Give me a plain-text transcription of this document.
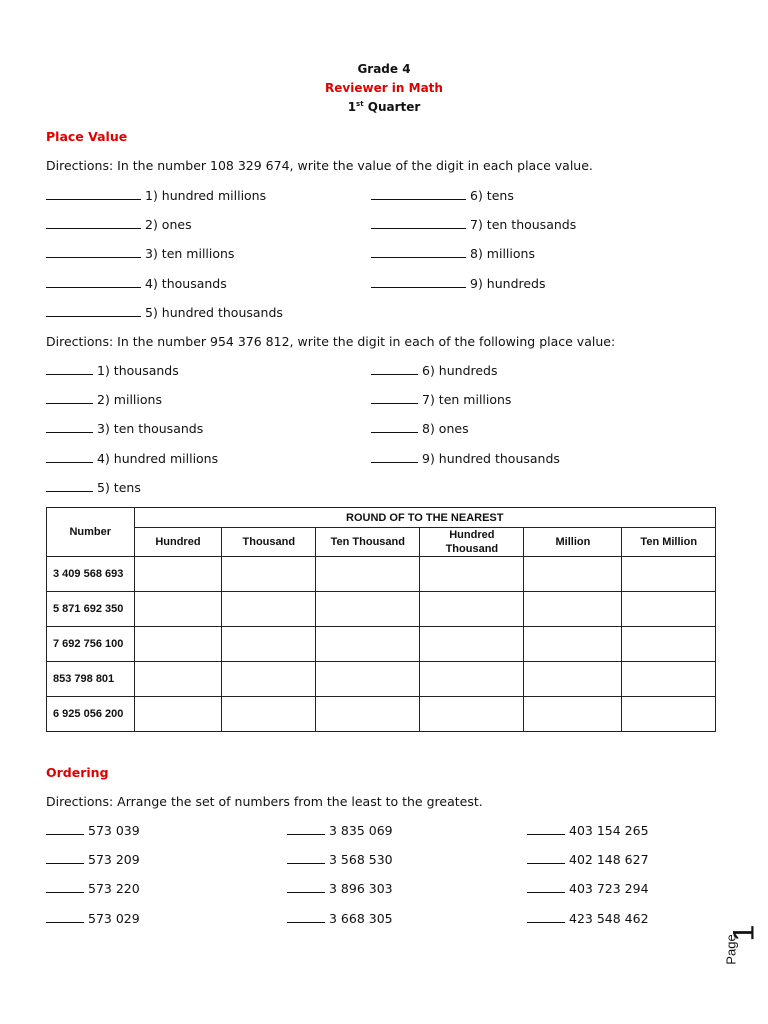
Grade 4
Reviewer in Math
1st Quarter
Place Value
Directions: In the number 108 329 674, write the value of the digit in each place value.
1) hundred millions
2) ones
3) ten millions
4) thousands
5) hundred thousands
6) tens
7) ten thousands
8) millions
9) hundreds
Directions: In the number 954 376 812, write the digit in each of the following place value:
1) thousands
2) millions
3) ten thousands
4) hundred millions
5) tens
6) hundreds
7) ten millions
8) ones
9) hundred thousands
Number	ROUND OF TO THE NEAREST					
	Hundred	Thousand	Ten Thousand	Hundred Thousand	Million	Ten Million
3 409 568 693						
5 871 692 350						
7 692 756 100						
853 798 801						
6 925 056 200						
Ordering
Directions: Arrange the set of numbers from the least to the greatest.
573 039
573 209
573 220
573 029
3 835 069
3 568 530
3 896 303
3 668 305
403 154 265
402 148 627
403 723 294
423 548 462
Page
1
